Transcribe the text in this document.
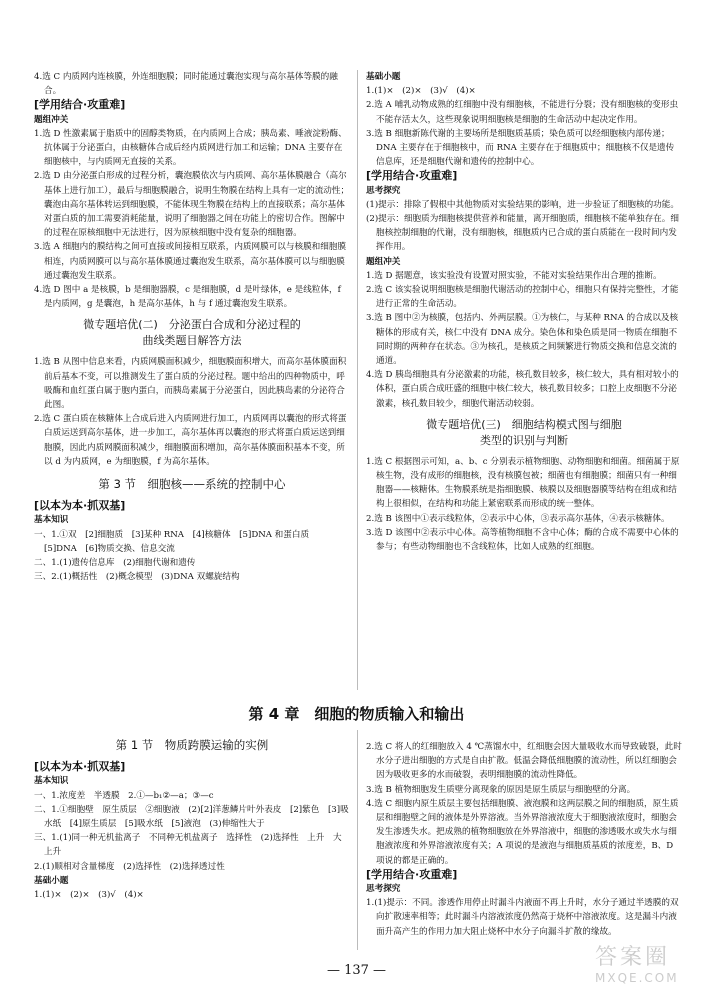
4.选 C 内质网内连核膜，外连细胞膜；同时能通过囊泡实现与高尔基体等膜的融合。

[学用结合·攻重难]

题组冲关

1.选 D 性激素属于脂质中的固醇类物质，在内质网上合成；胰岛素、唾液淀粉酶、抗体属于分泌蛋白，由核糖体合成后经内质网进行加工和运输；DNA 主要存在细胞核中，与内质网无直接的关系。

2.选 D 由分泌蛋白形成的过程分析，囊泡膜依次与内质网、高尔基体膜融合（高尔基体上进行加工），最后与细胞膜融合，说明生物膜在结构上具有一定的流动性；囊泡由高尔基体转运到细胞膜，不能体现生物膜在结构上的直接联系；高尔基体对蛋白质的加工需要消耗能量，说明了细胞器之间在功能上的密切合作。图解中的过程在原核细胞中无法进行，因为原核细胞中没有复杂的细胞器。

3.选 A 细胞内的膜结构之间可直接或间接相互联系，内质网膜可以与核膜和细胞膜相连，内质网膜可以与高尔基体膜通过囊泡发生联系，高尔基体膜可以与细胞膜通过囊泡发生联系。

4.选 D 图中 a 是核膜，b 是细胞器膜，c 是细胞膜，d 是叶绿体，e 是线粒体，f 是内质网，g 是囊泡，h 是高尔基体，h 与 f 通过囊泡发生联系。

微专题培优(二)　分泌蛋白合成和分泌过程的
曲线类题目解答方法

1.选 B 从图中信息来看，内质网膜面积减少，细胞膜面积增大，而高尔基体膜面积前后基本不变，可以推测发生了蛋白质的分泌过程。题中给出的四种物质中，呼吸酶和血红蛋白属于胞内蛋白，而胰岛素属于分泌蛋白，因此胰岛素的分泌符合此图。

2.选 C 蛋白质在核糖体上合成后进入内质网进行加工，内质网再以囊泡的形式将蛋白质运送到高尔基体，进一步加工，高尔基体再以囊泡的形式将蛋白质运送到细胞膜，因此内质网膜面积减少，细胞膜面积增加，高尔基体膜面积基本不变，所以 d 为内质网，e 为细胞膜，f 为高尔基体。

第 3 节　细胞核——系统的控制中心

[以本为本·抓双基]

基本知识

一、1.①双　[2]细胞质　[3]某种 RNA　[4]核糖体　[5]DNA 和蛋白质　[5]DNA　[6]物质交换、信息交流

二、1.(1)遗传信息库　(2)细胞代谢和遗传

三、2.(1)概括性　(2)概念模型　(3)DNA 双螺旋结构

基础小题

1.(1)×　(2)×　(3)√　(4)×

2.选 A 哺乳动物成熟的红细胞中没有细胞核，不能进行分裂；没有细胞核的变形虫不能存活太久，这些现象说明细胞核是细胞的生命活动中起决定作用。

3.选 B 细胞新陈代谢的主要场所是细胞质基质；染色质可以经细胞核内部传递；DNA 主要存在于细胞核中，而 RNA 主要存在于细胞质中；细胞核不仅是遗传信息库，还是细胞代谢和遗传的控制中心。

[学用结合·攻重难]

思考探究

(1)提示：排除了假根中其他物质对实验结果的影响，进一步验证了细胞核的功能。

(2)提示：细胞质为细胞核提供营养和能量，离开细胞质，细胞核不能单独存在。细胞核控制细胞的代谢，没有细胞核，细胞质内已合成的蛋白质能在一段时间内发挥作用。

题组冲关

1.选 D 据题意，该实验没有设置对照实验，不能对实验结果作出合理的推断。

2.选 C 该实验说明细胞核是细胞代谢活动的控制中心，细胞只有保持完整性，才能进行正常的生命活动。

3.选 B 图中②为核膜，包括内、外两层膜。①为核仁，与某种 RNA 的合成以及核糖体的形成有关，核仁中没有 DNA 成分。染色体和染色质是同一物质在细胞不同时期的两种存在状态。③为核孔，是核质之间频繁进行物质交换和信息交流的通道。

4.选 D 胰岛细胞具有分泌激素的功能，核孔数目较多，核仁较大，具有相对较小的体积，蛋白质合成旺盛的细胞中核仁较大，核孔数目较多；口腔上皮细胞不分泌激素，核孔数目较少，细胞代谢活动较弱。

微专题培优(三)　细胞结构模式图与细胞
类型的识别与判断

1.选 C 根据图示可知，a、b、c 分别表示植物细胞、动物细胞和细菌。细菌属于原核生物，没有成形的细胞核，没有核膜包被；细菌也有细胞膜；细菌只有一种细胞器——核糖体。生物膜系统是指细胞膜、核膜以及细胞器膜等结构在组成和结构上很相似，在结构和功能上紧密联系而形成的统一整体。

2.选 B 该图中①表示线粒体，②表示中心体，③表示高尔基体，④表示核糖体。

3.选 D 该图中②表示中心体。高等植物细胞不含中心体；酶的合成不需要中心体的参与；有些动物细胞也不含线粒体，比如人成熟的红细胞。

第 4 章　细胞的物质输入和输出
第 1 节　物质跨膜运输的实例

[以本为本·抓双基]

基本知识

一、1.浓度差　半透膜　2.①—b₁②—a；③—c

二、1.①细胞壁　原生质层　②细胞液　(2)[2]洋葱鳞片叶外表皮　[2]紫色　[3]吸水纸　[4]原生质层　[5]吸水纸　[5]液泡　(3)伸缩性大于

三、1.(1)同一种无机盐离子　不同种无机盐离子　选择性　(2)选择性　上升　大　上升

2.(1)顺相对含量梯度　(2)选择性　(2)选择透过性

基础小题

1.(1)×　(2)×　(3)√　(4)×

2.选 C 将人的红细胞放入 4 ℃蒸馏水中，红细胞会因大量吸收水而导致破裂，此时水分子进出细胞的方式是自由扩散。低温会降低细胞膜的流动性，所以红细胞会因为吸收更多的水而破裂，表明细胞膜的流动性降低。

3.选 B 植物细胞发生质壁分离现象的原因是原生质层与细胞壁的分离。

4.选 C 细胞内原生质层主要包括细胞膜、液泡膜和这两层膜之间的细胞质，原生质层和细胞壁之间的液体是外界溶液。当外界溶液浓度大于细胞液浓度时，细胞会发生渗透失水。把成熟的植物细胞放在外界溶液中，细胞的渗透吸水或失水与细胞液浓度和外界溶液浓度有关；A 项说的是液泡与细胞质基质的浓度差，B、D 项说的都是正确的。

[学用结合·攻重难]

思考探究

1.(1)提示：不同。渗透作用停止时漏斗内液面不再上升时，水分子通过半透膜的双向扩散速率相等；此时漏斗内溶液浓度仍然高于烧杯中溶液浓度。这是漏斗内液面升高产生的作用力加大阻止烧杯中水分子向漏斗扩散的缘故。

— 137 —
答案圈
MXQE.COM
